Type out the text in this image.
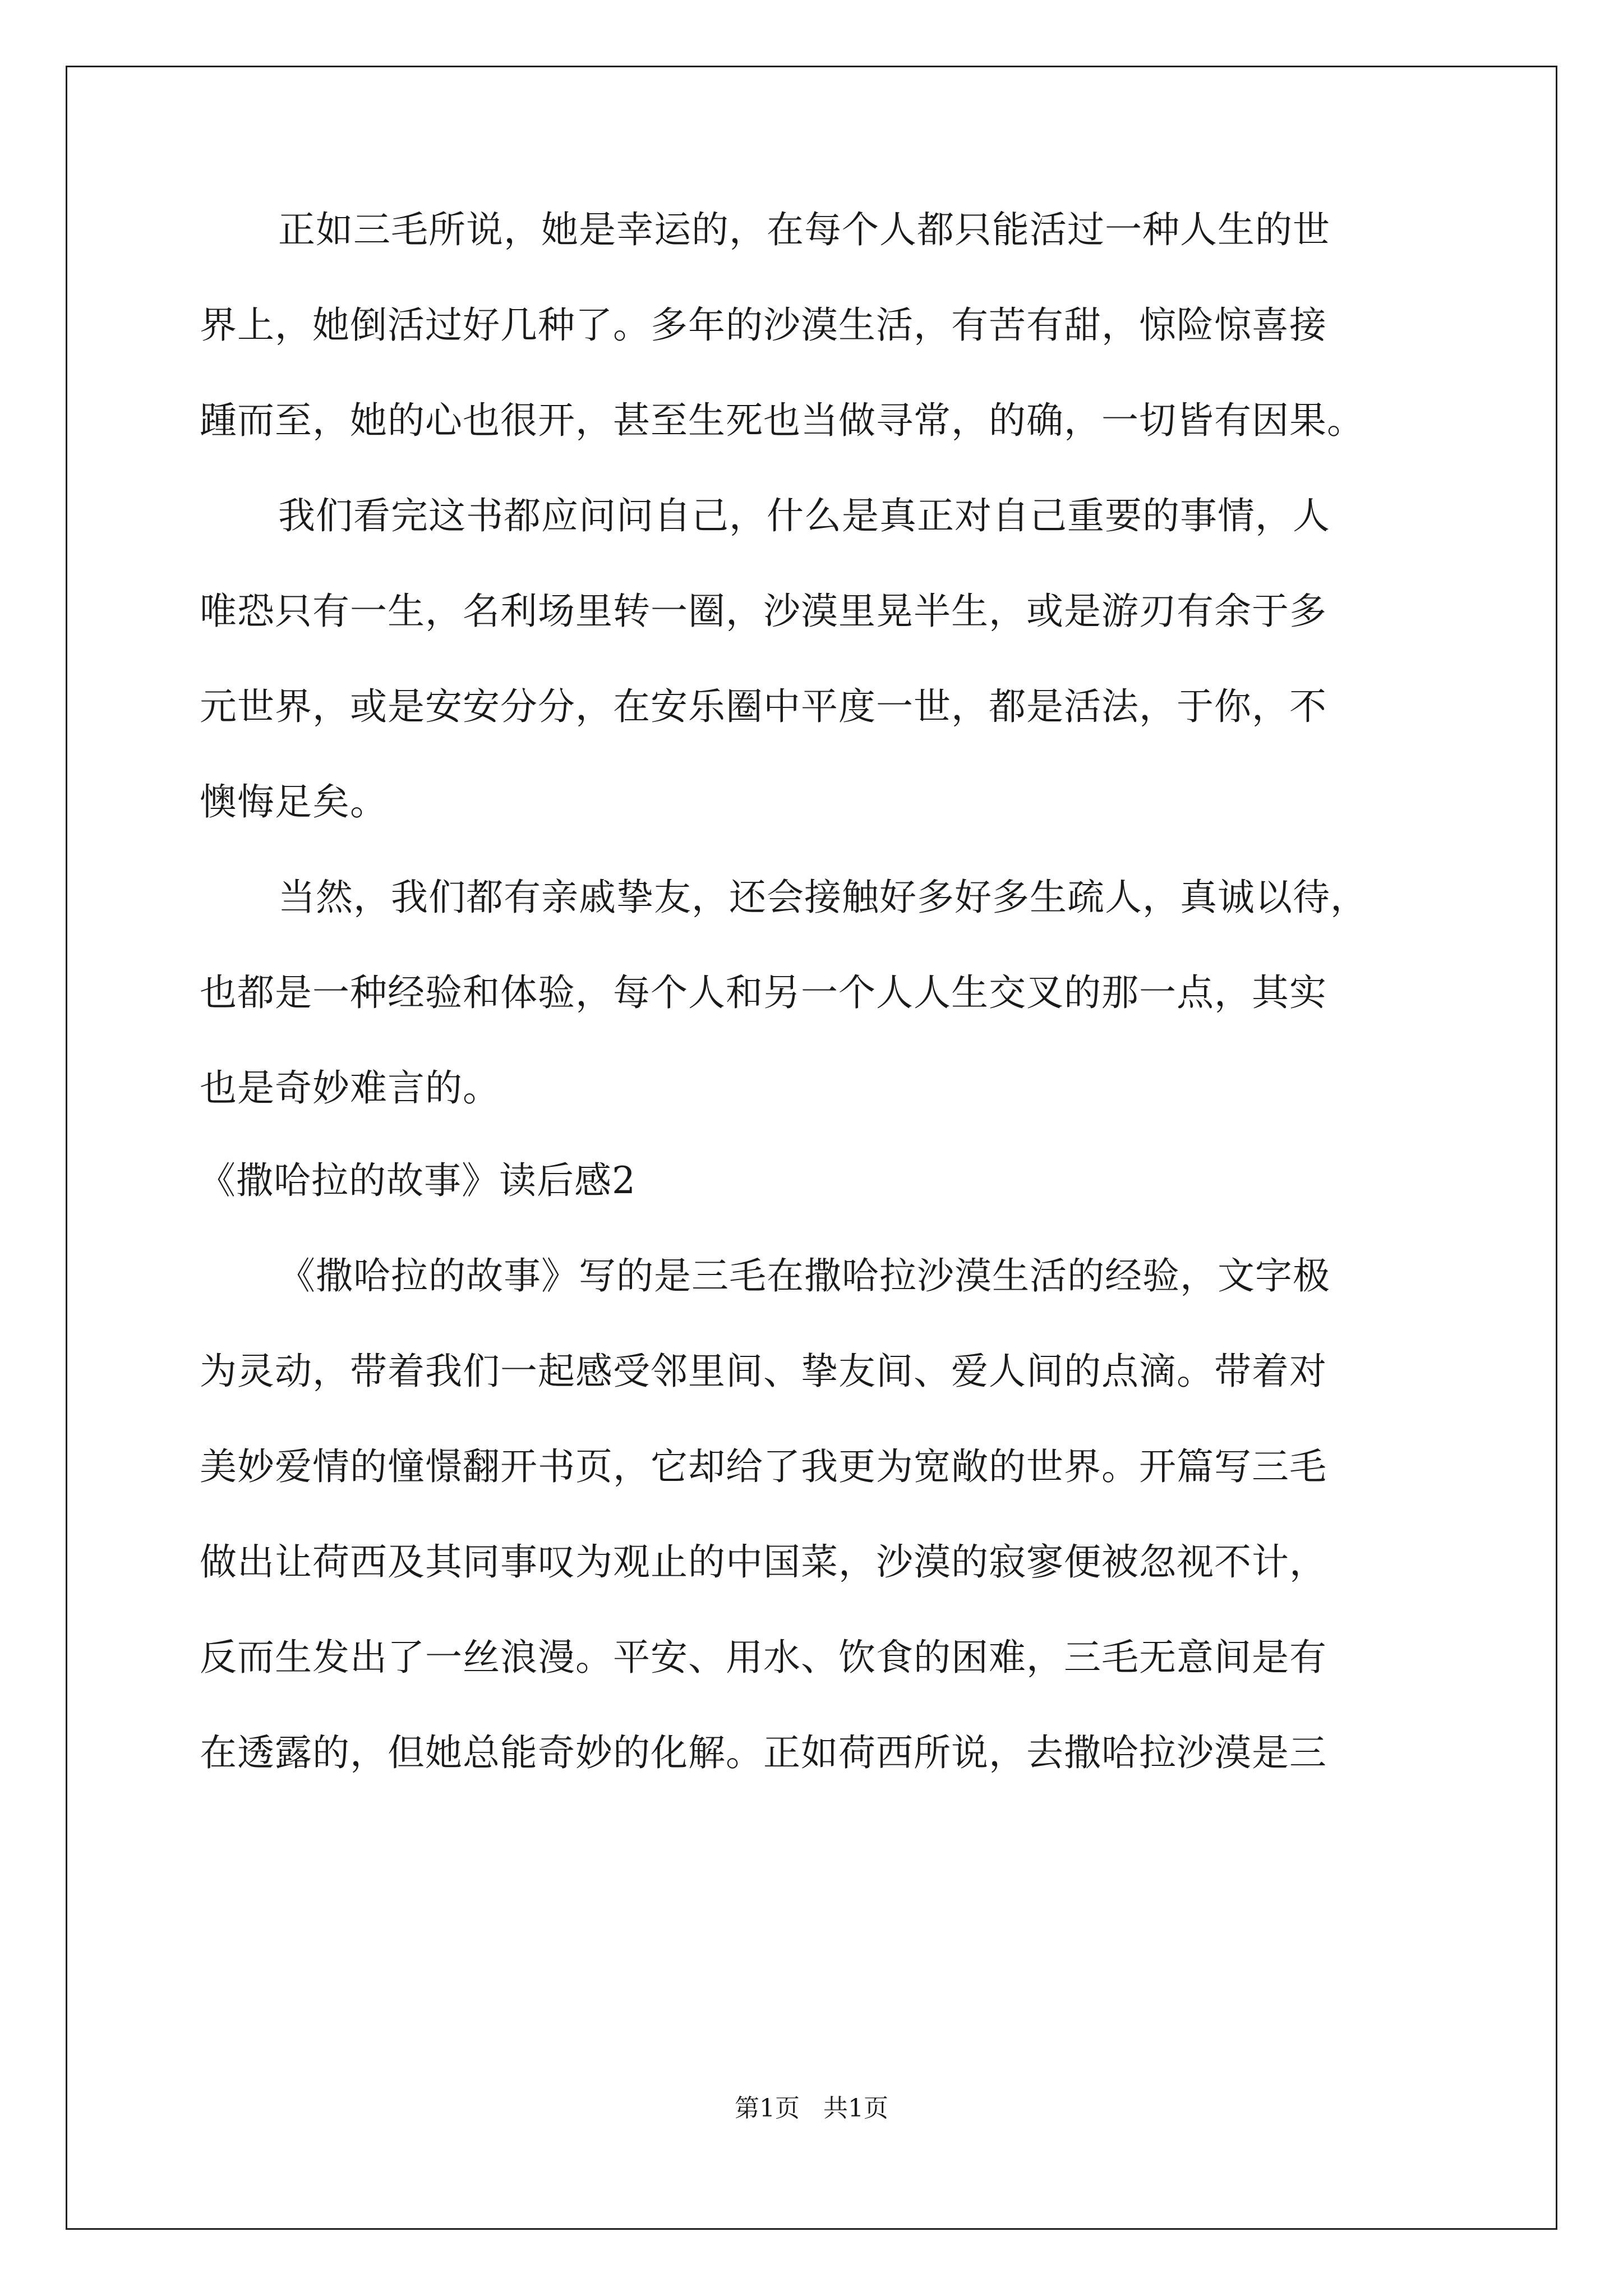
正如三毛所说，她是幸运的，在每个人都只能活过一种人生的世
界上，她倒活过好几种了。多年的沙漠生活，有苦有甜，惊险惊喜接
踵而至，她的心也很开，甚至生死也当做寻常，的确，一切皆有因果。
我们看完这书都应问问自己，什么是真正对自己重要的事情，人
唯恐只有一生，名利场里转一圈，沙漠里晃半生，或是游刃有余于多
元世界，或是安安分分，在安乐圈中平度一世，都是活法，于你，不
懊悔足矣。
当然，我们都有亲戚挚友，还会接触好多好多生疏人，真诚以待，
也都是一种经验和体验，每个人和另一个人人生交叉的那一点，其实
也是奇妙难言的。
《撒哈拉的故事》读后感2
《撒哈拉的故事》写的是三毛在撒哈拉沙漠生活的经验，文字极
为灵动，带着我们一起感受邻里间、挚友间、爱人间的点滴。带着对
美妙爱情的憧憬翻开书页，它却给了我更为宽敞的世界。开篇写三毛
做出让荷西及其同事叹为观止的中国菜，沙漠的寂寥便被忽视不计，
反而生发出了一丝浪漫。平安、用水、饮食的困难，三毛无意间是有
在透露的，但她总能奇妙的化解。正如荷西所说，去撒哈拉沙漠是三
第1页   共1页
